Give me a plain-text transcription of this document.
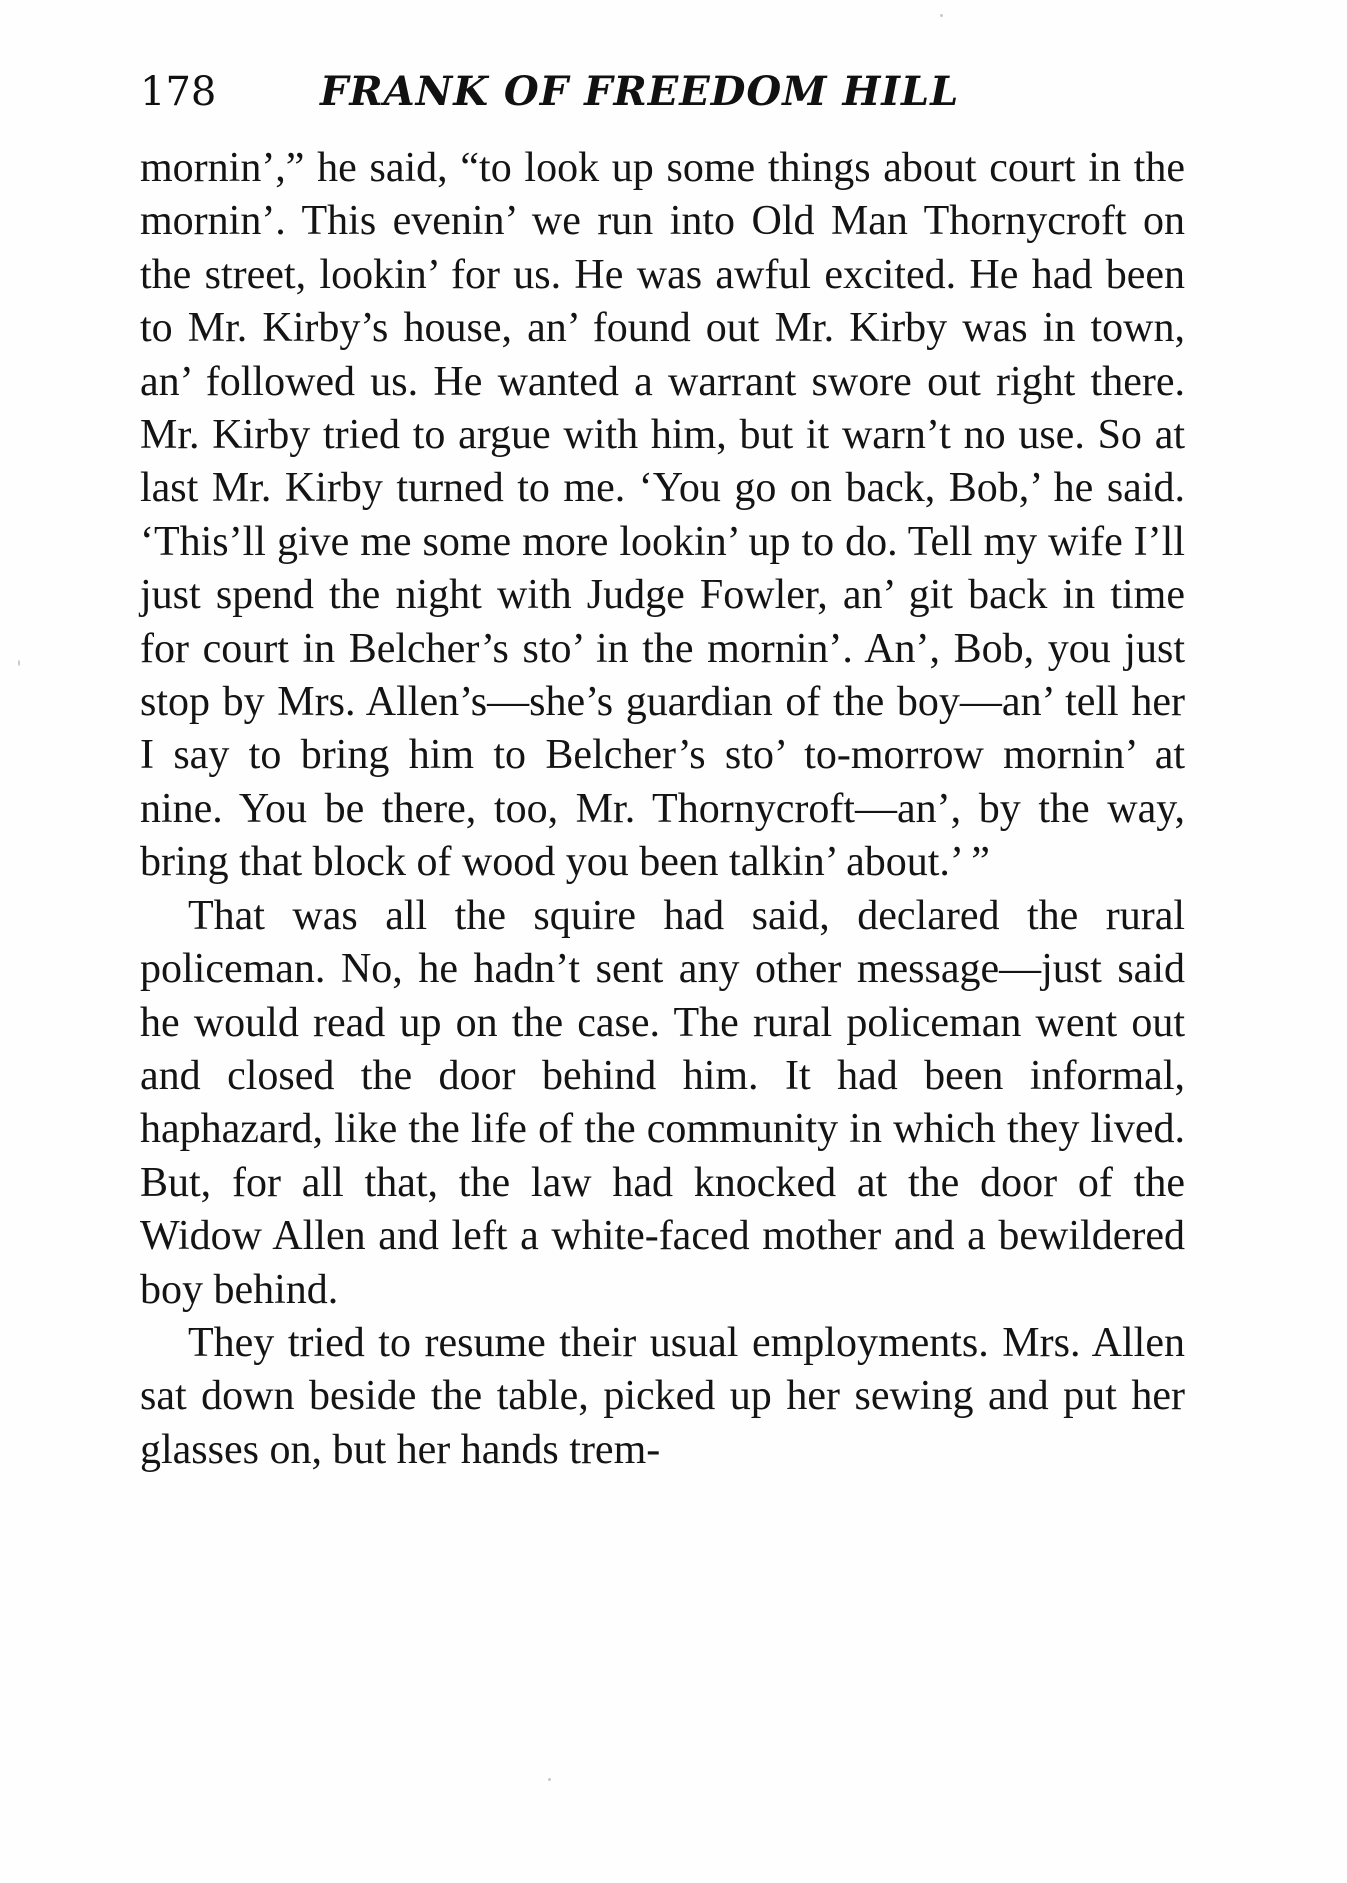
178	FRANK OF FREEDOM HILL

mornin’,” he said, “to look up some things about court in the mornin’. This evenin’ we run into Old Man Thornycroft on the street, lookin’ for us. He was awful excited. He had been to Mr. Kirby’s house, an’ found out Mr. Kirby was in town, an’ followed us. He wanted a warrant swore out right there. Mr. Kirby tried to argue with him, but it warn’t no use. So at last Mr. Kirby turned to me. ‘You go on back, Bob,’ he said. ‘This’ll give me some more lookin’ up to do. Tell my wife I’ll just spend the night with Judge Fowler, an’ git back in time for court in Belcher’s sto’ in the mornin’. An’, Bob, you just stop by Mrs. Allen’s—she’s guardian of the boy—an’ tell her I say to bring him to Belcher’s sto’ to-morrow mornin’ at nine. You be there, too, Mr. Thornycroft—an’, by the way, bring that block of wood you been talkin’ about.’ ”

That was all the squire had said, declared the rural policeman. No, he hadn’t sent any other message—just said he would read up on the case. The rural policeman went out and closed the door behind him. It had been informal, haphazard, like the life of the community in which they lived. But, for all that, the law had knocked at the door of the Widow Allen and left a white-faced mother and a bewildered boy behind.

They tried to resume their usual employments. Mrs. Allen sat down beside the table, picked up her sewing and put her glasses on, but her hands trem-
